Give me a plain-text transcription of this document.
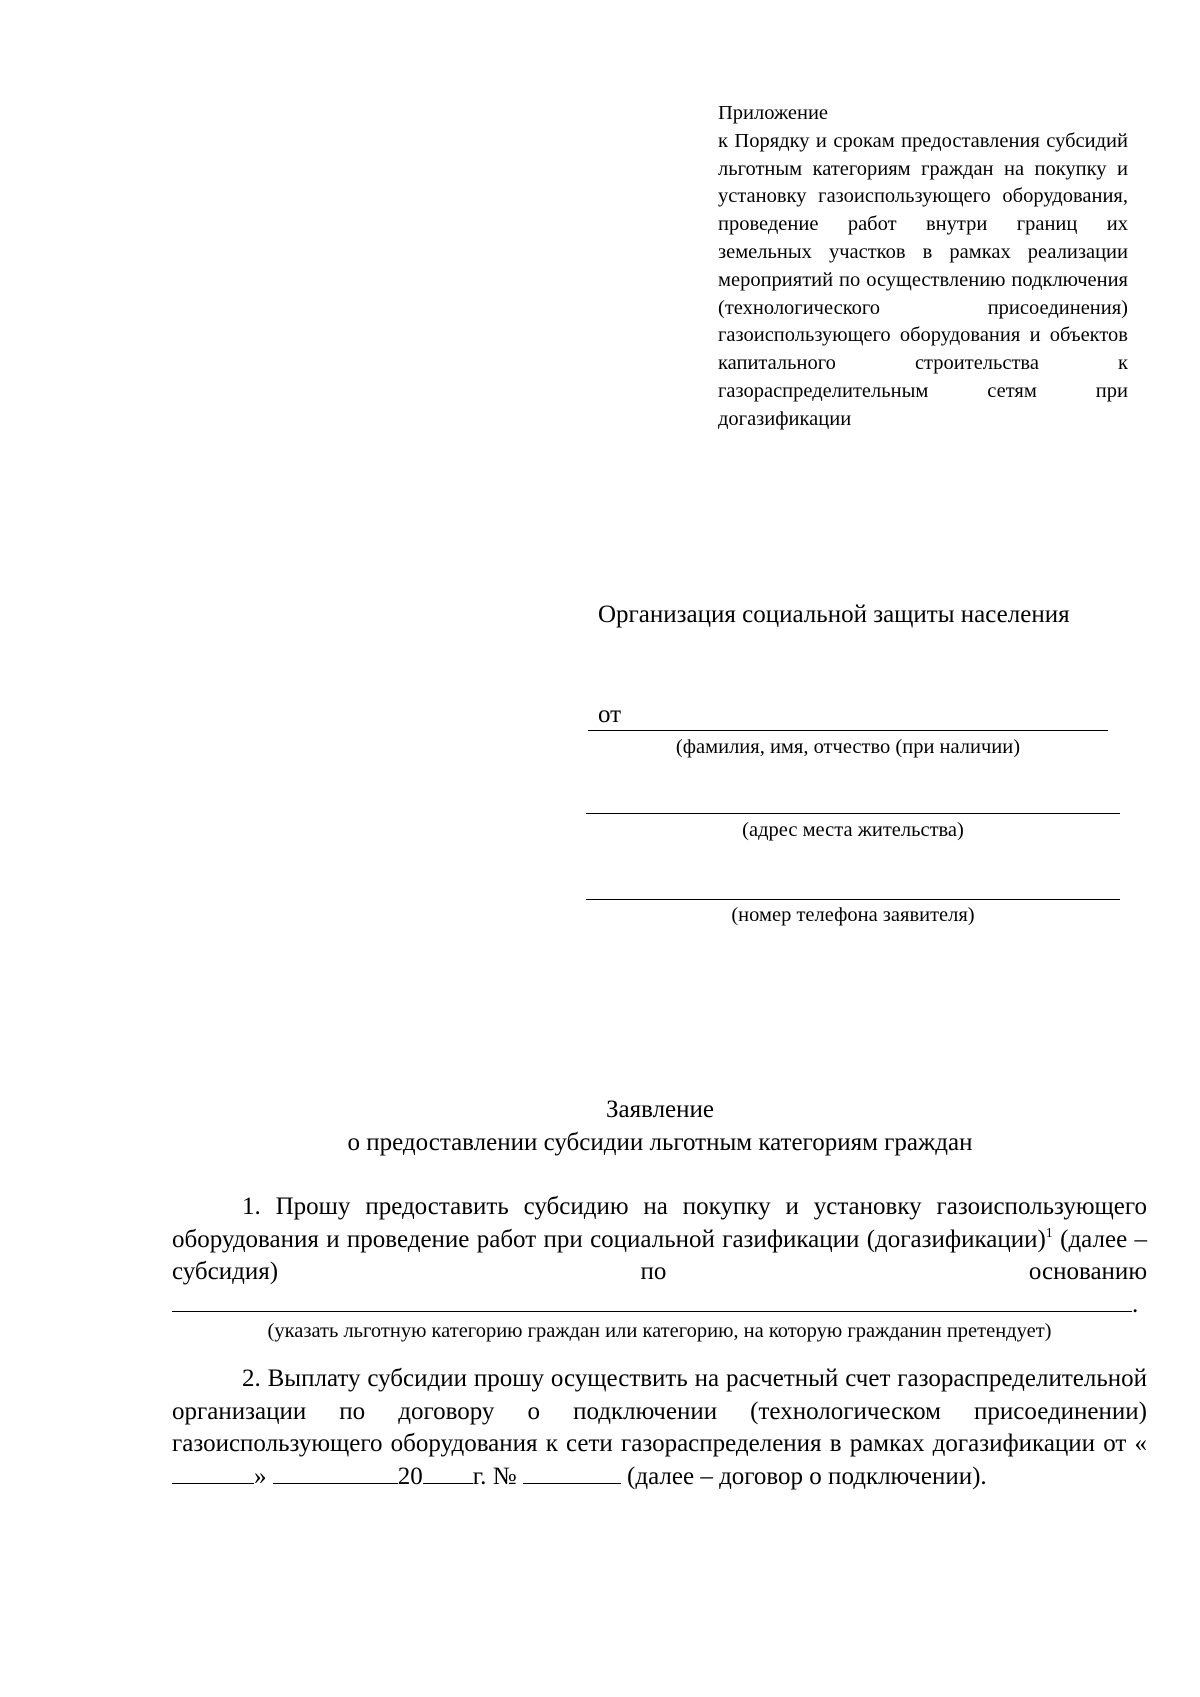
Приложение
к Порядку и срокам предоставления субсидий льготным категориям граждан на покупку и установку газоиспользующего оборудования, проведение работ внутри границ их земельных участков в рамках реализации мероприятий по осуществлению подключения (технологического присоединения) газоиспользующего оборудования и объектов капитального строительства к газораспределительным сетям при догазификации
Организация социальной защиты населения
от
(фамилия, имя, отчество (при наличии)
(адрес места жительства)
(номер телефона заявителя)
Заявление
о предоставлении субсидии льготным категориям граждан
1. Прошу предоставить субсидию на покупку и установку газоиспользующего оборудования и проведение работ при социальной газификации (догазификации)$^1$ (далее – субсидия) по основанию .
(указать льготную категорию граждан или категорию, на которую гражданин претендует)
2. Выплату субсидии прошу осуществить на расчетный счет газораспределительной организации по договору о подключении (технологическом присоединении) газоиспользующего оборудования к сети газораспределения в рамках догазификации от «»	20 г. №	(далее – договор о подключении).
